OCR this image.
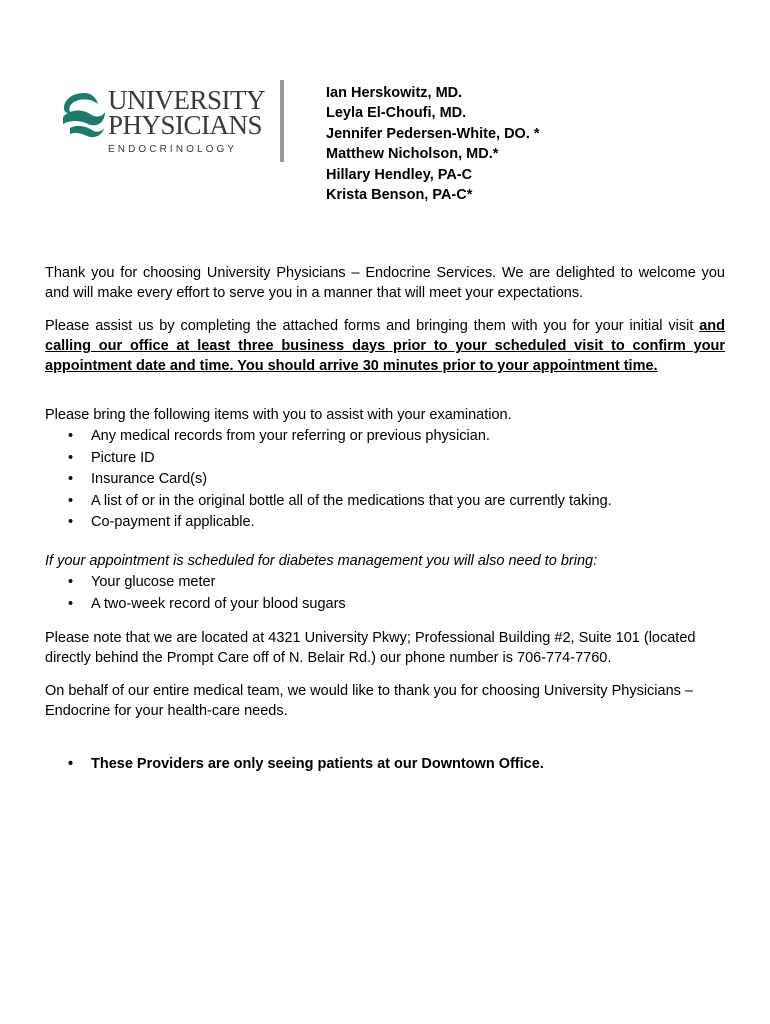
UNIVERSITY
PHYSICIANS
ENDOCRINOLOGY
Ian Herskowitz, MD.
Leyla El-Choufi, MD.
Jennifer Pedersen-White, DO. *
Matthew Nicholson, MD.*
Hillary Hendley, PA-C
Krista Benson, PA-C*

Thank you for choosing University Physicians – Endocrine Services. We are delighted to welcome you and will make every effort to serve you in a manner that will meet your expectations.

Please assist us by completing the attached forms and bringing them with you for your initial visit and calling our office at least three business days prior to your scheduled visit to confirm your appointment date and time. You should arrive 30 minutes prior to your appointment time.

Please bring the following items with you to assist with your examination.

• Any medical records from your referring or previous physician.
• Picture ID
• Insurance Card(s)
• A list of or in the original bottle all of the medications that you are currently taking.
• Co-payment if applicable.

If your appointment is scheduled for diabetes management you will also need to bring:

• Your glucose meter
• A two-week record of your blood sugars

Please note that we are located at 4321 University Pkwy; Professional Building #2, Suite 101 (located directly behind the Prompt Care off of N. Belair Rd.) our phone number is 706-774-7760.

On behalf of our entire medical team, we would like to thank you for choosing University Physicians – Endocrine for your health-care needs.

• These Providers are only seeing patients at our Downtown Office.
